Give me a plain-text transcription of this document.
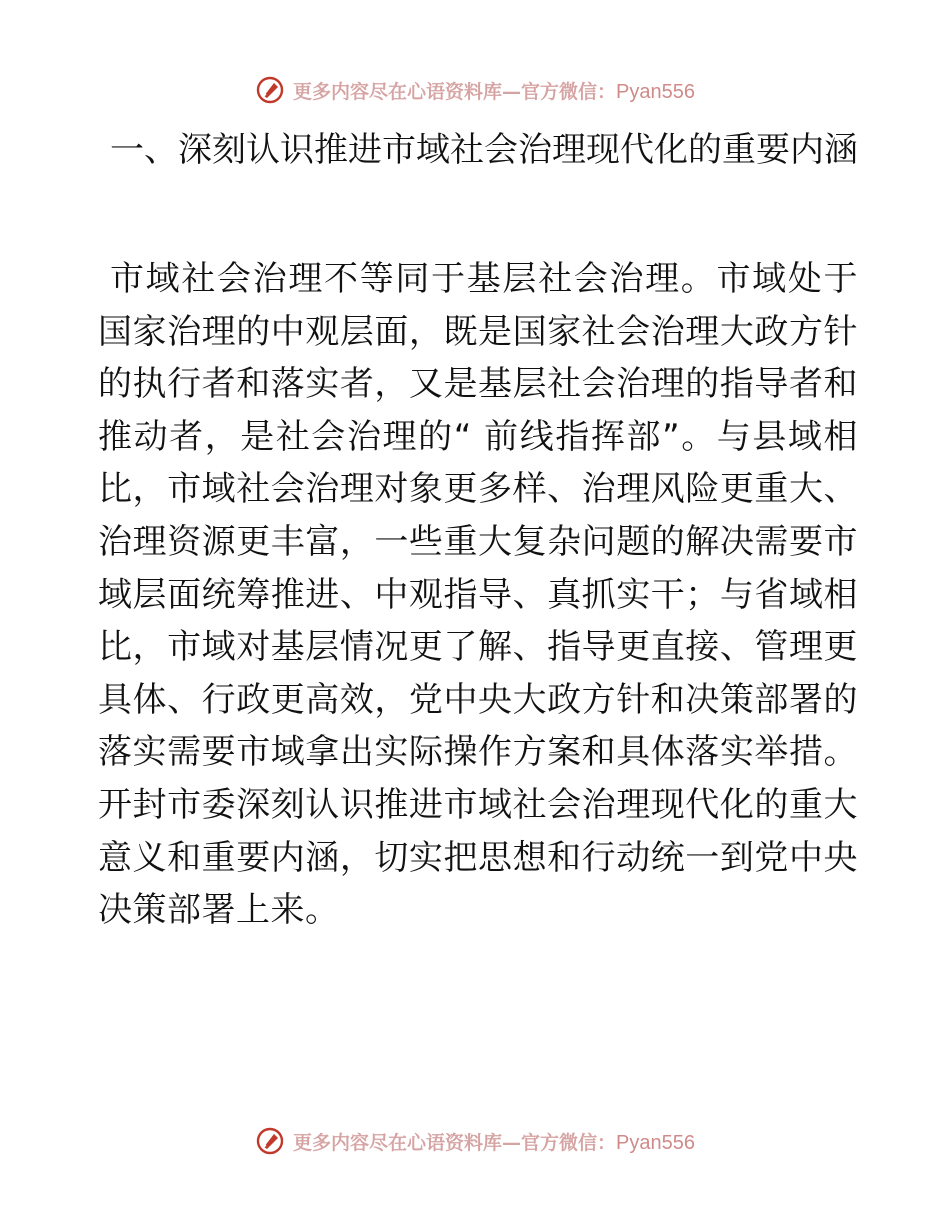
更多内容尽在心语资料库—官方微信：Pyan556

一、深刻认识推进市域社会治理现代化的重要内涵

市域社会治理不等同于基层社会治理。市域处于国家治理的中观层面，既是国家社会治理大政方针的执行者和落实者，又是基层社会治理的指导者和推动者，是社会治理的“ 前线指挥部”。与县域相比，市域社会治理对象更多样、治理风险更重大、治理资源更丰富，一些重大复杂问题的解决需要市域层面统筹推进、中观指导、真抓实干；与省域相比，市域对基层情况更了解、指导更直接、管理更具体、行政更高效，党中央大政方针和决策部署的落实需要市域拿出实际操作方案和具体落实举措。开封市委深刻认识推进市域社会治理现代化的重大意义和重要内涵，切实把思想和行动统一到党中央决策部署上来。

更多内容尽在心语资料库—官方微信：Pyan556
